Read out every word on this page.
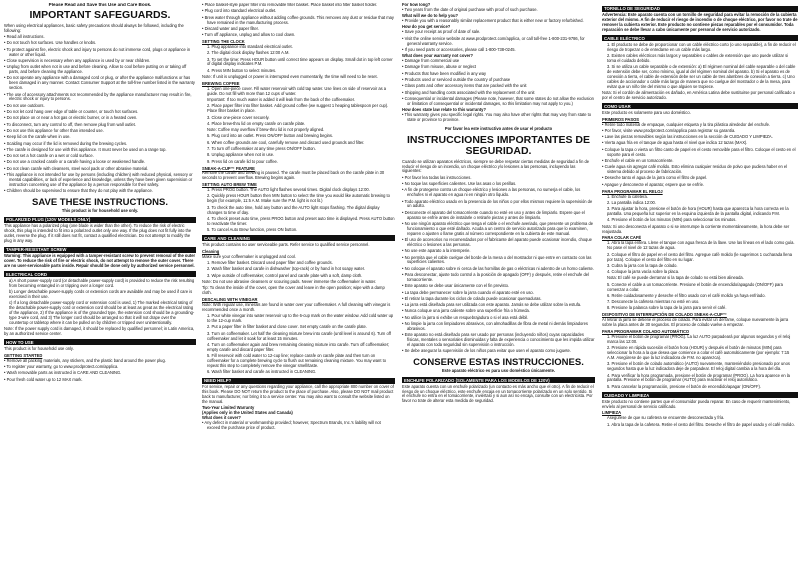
Please Read and Save this Use and Care Book.
IMPORTANT SAFEGUARDS.

When using electrical appliances, basic safety precautions should always be followed, including the following:

• Read all instructions.

• Do not touch hot surfaces. Use handles or knobs.

• To protect against fire, electric shock and injury to persons do not immerse cord, plugs or appliance in water or other liquid.

• Close supervision is necessary when any appliance is used by or near children.

• Unplug from outlet when not in use and before cleaning. Allow to cool before putting on or taking off parts, and before cleaning the appliance.

• Do not operate any appliance with a damaged cord or plug, or after the appliance malfunctions or has been damaged in any manner. Contact Consumer Support at the toll-free number listed in the warranty section.

• The use of accessory attachments not recommended by the appliance manufacturer may result in fire, electric shock or injury to persons.

• Do not use outdoors.

• Do not let cord hang over edge of table or counter, or touch hot surfaces.

• Do not place on or near a hot gas or electric burner, or in a heated oven.

• To disconnect, turn any control to off, then remove plug from wall outlet.

• Do not use this appliance for other than intended use.

• Keep lid on the carafe when in use.

• Scalding may occur if the lid is removed during the brewing cycles.

• The carafe is designed for use with this appliance. It must never be used on a range top.

• Do not set a hot carafe on a wet or cold surface.

• Do not use a cracked carafe or a carafe having a loose or weakened handle.

• Do not clean carafe with cleansers, steel wool pads or other abrasive material.

• This appliance is not intended for use by persons (including children) with reduced physical, sensory or mental capabilities, or lack of experience and knowledge, unless they have been given supervision or instruction concerning use of the appliance by a person responsible for their safety.

• Children should be supervised to ensure that they do not play with the appliance.

SAVE THESE INSTRUCTIONS.
This product is for household use only.
POLARIZED PLUG (120V MODELS ONLY)

This appliance has a polarized plug (one blade is wider than the other). To reduce the risk of electric shock, this plug is intended to fit into a polarized outlet only one way. If the plug does not fit fully into the outlet, reverse the plug. If it still does not fit, contact a qualified electrician. Do not attempt to modify the plug in any way.

TAMPER-RESISTANT SCREW

Warning: This appliance is equipped with a tamper-resistant screw to prevent removal of the outer cover. To reduce the risk of fire or electric shock, do not attempt to remove the outer cover. There are no user-serviceable parts inside. Repair should be done only by authorized service personnel.

ELECTRICAL CORD

a) A short power-supply cord (or detachable power-supply cord) is provided to reduce the risk resulting from becoming entangled in or tripping over a longer cord.

b) Longer detachable power-supply cords or extension cords are available and may be used if care is exercised in their use.

c) If a long detachable power-supply cord or extension cord is used, 1) The marked electrical rating of the detachable power-supply cord or extension cord should be at least as great as the electrical rating of the appliance, 2) If the appliance is of the grounded type, the extension cord should be a grounding-type 3-wire cord, and 3) The longer cord should be arranged so that it will not drape over the countertop or tabletop where it can be pulled on by children or tripped over unintentionally.

Note: If the power supply cord is damaged, it should be replaced by qualified personnel; in Latin America, by an authorized service center.

HOW TO USE

This product is for household use only.

GETTING STARTED

• Remove all packing materials, any stickers, and the plastic band around the power plug.

• To register your warranty, go to www.prodprotect.com/applica.

• Wash removable parts as instructed in CARE AND CLEANING.

• Pour fresh cold water up to 12 MAX mark.

• Place basket-style paper filter into removable filter basket. Place basket into filter basket holder.

• Plug cord into standard electrical outlet.

• Brew water through appliance without adding coffee grounds. This removes any dust or residue that may have remained in the manufacturing process.

• Discard water and paper filter.

• Turn off appliance, unplug and allow to cool down.

SETTING THE CLOCK

1. Plug appliance into standard electrical outlet.

2. The digital clock display flashes 12:00 A.M.

3. To set the time: Press HOUR button until correct time appears on display. Small dot in top left corner of digital display indicates P.M.

4. Press MIN button to select minutes.

Note: If unit is unplugged or power is interrupted even momentarily, the time will need to be reset.

BREWING COFFEE

1. Open one-piece cover. Fill water reservoir with cold tap water. Use lines on side of reservoir as a guide. Do not fill with more than 12 cups of water.

Important: If too much water is added it will leak from the back of the coffeemaker.

2. Place paper filter into filter basket. Add ground coffee (we suggest 1 heaping tablespoon per cup). Place filter basket in place.

3. Close one-piece cover securely.

4. Place brew-thru lid on empty carafe on carafe plate.

Note: Coffee may overflow if brew-thru lid is not properly aligned.

5. Plug cord into an outlet. Press ON/OFF button and brewing begins.

6. When coffee grounds are cool, carefully remove and discard used grounds and filter.

7. To turn off coffeemaker at any time press ON/OFF button.

8. Unplug appliance when not in use.

9. Press lid on carafe lid to pour coffee.

SNEAK-A-CUP™ FEATURE

Remove the carafe and brewing is paused. The carafe must be placed back on the carafe plate in 30 seconds to prevent overflow. Brewing begins again.

SETTING AUTO BREW TIME

1. Press PROG button. The AUTO light flashes several times. Digital clock displays 12:00.

2. Quickly press HOUR button then MIN button to select the time you would like automatic brewing to begin (for example, 11:5 A.M. Make sure the P.M. light is not lit.)

3. To check the auto time, hold any button and the AUTO light stops flashing. The digital display changes to time of day.

4. To check preset auto time, press PROG button and preset auto time is displayed. Press AUTO button to reactivate the timer.

5. To cancel Auto Brew function, press ON button.

CARE AND CLEANING

This product contains no user serviceable parts. Refer service to qualified service personnel.

Cleaning

Make sure your coffeemaker is unplugged and cool.

1. Remove filter basket. Discard used paper filter and coffee grounds.

2. Wash filter basket and carafe in dishwasher (top-rack) or by hand in hot soapy water.

3. Wipe outside of coffeemaker, control panel and carafe plate with a soft, damp cloth.

Note: Do not use abrasive cleansers or scouring pads. Never immerse the coffeemaker in water.

Tip: To clean the inside of the cover, open the cover and leave in the open position; wipe with a damp cloth.

DESCALING WITH VINEGAR

Note: With regular use, minerals are found in water over your coffeemaker. A full cleaning with vinegar is recommended once a month.

1. Pour white vinegar into water reservoir up to the 6-cup mark on the water window. Add cold water up to the 12-cup mark.

2. Put a paper filter in filter basket and close cover. Set empty carafe on the carafe plate.

3. Turn on coffeemaker. Let half the cleaning mixture brew into carafe (until level is around 6). Turn off coffeemaker and let it soak for at least 15 minutes.

4. Turn on coffeemaker again and brew remaining cleaning mixture into carafe. Turn off coffeemaker; empty carafe and discard paper filter.

5. Fill reservoir with cold water to 12-cup line; replace carafe on carafe plate and then turn on coffeemaker for a complete brewing cycle to flush out remaining cleaning mixture. You may want to repeat this step to completely remove the vinegar smell/taste.

6. Wash filter basket and carafe as instructed in CLEANING.

NEED HELP?

For service, repair or any questions regarding your appliance, call the appropriate 800 number on cover of this book. Please DO NOT return the product to the place of purchase. Also, please DO NOT mail product back to manufacturer, nor bring it to a service center. You may also want to consult the website listed on the manual.

Two-Year Limited Warranty
(Applies only in the United States and Canada)
What does it cover?

• Any defect in material or workmanship provided; however, Spectrum Brands, Inc.'s liability will not exceed the purchase price of product.

For how long?

• Two years from the date of original purchase with proof of such purchase.

What will we do to help you?

• Provide you with a reasonably similar replacement product that is either new or factory refurbished.

How do you get service?

• Save your receipt as proof of date of sale.

• Visit the online service website at www.prodprotect.com/applica, or call toll-free 1-800-231-9786, for general warranty service.

• If you need parts or accessories, please call 1-800-738-0245.

What does your warranty not cover?

• Damage from commercial use

• Damage from misuse, abuse or neglect

• Products that have been modified in any way

• Products used or serviced outside the country of purchase

• Glass parts and other accessory items that are packed with the unit

• Shipping and handling costs associated with the replacement of the unit

• Consequential or incidental damages (Please note, however, that some states do not allow the exclusion or limitation of consequential or incidental damages, so this limitation may not apply to you.)

How does state law relate to this warranty?

• This warranty gives you specific legal rights. You may also have other rights that may vary from state to state or province to province.

Por favor lea este instructivo antes de usar el producto
INSTRUCCIONES IMPORTANTES DE SEGURIDAD.

Cuando se utilizan aparatos eléctricos, siempre se debe respetar ciertas medidas de seguridad a fin de reducir el riesgo de un incendio, un choque eléctrico y/o lesiones a las personas, incluyendo las siguientes:

• Por favor lea todas las instrucciones.

• No toque las superficies calientes. Use las asas o los perillas.

• A fin de protegerse contra un choque eléctrico y lesiones a las personas, no sumerja el cable, los enchufes ni el aparato en agua ni en ningún otro líquido.

• Todo aparato eléctrico usado en la presencia de los niños o por ellos mismos requiere la supervisión de un adulto.

• Desconecte el aparato del tomacorriente cuando no esté en uso y antes de limpiarlo. Espere que el aparato se enfríe antes de instalarle o retirarle piezas y antes de limpiarlo.

• No use ningún aparato eléctrico que tenga el cable o el enchufe averiado, que presente un problema de funcionamiento o que esté dañado. Acuda a un centro de servicio autorizado para que lo examinen, reparen o ajusten o llame gratis al número correspondiente en la cubierta de este manual.

• El uso de accesorios no recomendados por el fabricante del aparato puede ocasionar incendio, choque eléctrico o lesiones a las personas.

• No use este aparato a la intemperie.

• No permita que el cable cuelgue del borde de la mesa o del mostrador ni que entre en contacto con las superficies calientes.

• No coloque el aparato sobre ni cerca de las hornillas de gas o eléctricas ni adentro de un horno caliente.

• Para desconectar, ajuste todo control a la posición de apagado (OFF) y después, retire el enchufe del tomacorriente.

• Este aparato se debe usar únicamente con el fin previsto.

• La tapa debe permanecer sobre la jarra cuando el aparato esté en uso.

• El retirar la tapa durante los ciclos de colado puede ocasionar quemaduras.

• La jarra está diseñada para ser utilizada con este aparato. Jamás se debe utilizar sobre la estufa.

• Nunca coloque una jarra caliente sobre una superficie fría o húmeda.

• No utilice la jarra si exhibe un resquebrajadura o si el asa está débil.

• No limpie la jarra con limpiadores abrasivos, con almohadillas de fibra de metal ni demás limpiadores abrasivos.

• Este aparato no está diseñado para ser usado por personas (incluyendo niños) cuyas capacidades físicas, mentales o sensoriales disminuidas y falta de experiencia o conocimiento que les impida utilizar el aparato con toda seguridad sin supervisión o instrucción.

• Se debe asegurar la supervisión de los niños para evitar que usen el aparato como juguete.

CONSERVE ESTAS INSTRUCCIONES.
Este aparato eléctrico es para uso doméstico únicamente.
ENCHUFE POLARIZADO (SOLAMENTE PARA LOS MODELOS DE 120V)

Este aparato cuenta con un enchufe polarizado (un contacto es más ancho que el otro). A fin de reducir el riesgo de un choque eléctrico, este enchufe encaja en un tomacorriente polarizado en un solo sentido. Si el enchufe no entra en el tomacorriente, inviértalo y si aun así no encaja, consulte con un electricista. Por favor no trate de alterar esta medida de seguridad.

TORNILLO DE SEGURIDAD

Advertencia: Este aparato cuenta con un tornillo de seguridad para evitar la remoción de la cubierta exterior del mismo. A fin de reducir el riesgo de incendio o de choque eléctrico, por favor no trate de remover la cubierta exterior. Este producto no contiene piezas reparables por el consumidor. Toda reparación se debe llevar a cabo únicamente por personal de servicio autorizado.

CABLE ELÉCTRICO

1. El producto se debe de proporcionar con un cable eléctrico corto (o uno separable), a fin de reducir el riesgo de tropezar o de enredarse en un cable más largo.

2. Existen cables eléctricos más largos y separables o cables de extensión que uno puede utilizar si toma el cuidado debido.

3. Si se utiliza un cable separable o de extensión: a) El régimen nominal del cable separable o del cable de extensión debe ser, como mínimo, igual al del régimen nominal del aparato. b) Si el aparato es de conexión a tierra, el cable de extensión debe ser un cable de tres alambres de conexión a tierra. c) Uno cables de accionador o cable más largo de manera que no cuelgue del mostrador o de la mesa, para evitar que un niño tire del mismo o que alguien se tropiece.

Nota: Si el cordón de alimentación es dañado, en América Latina debe sustituirse por personal calificado o por el centro de servicio autorizado.

COMO USAR

Este producto es solamente para uso doméstico.

PRIMEROS PASOS

• Retire todo material de empaque, cualquier etiqueta y la tira plástica alrededor del enchufe.

• Por favor, visite www.prodprotect.com/applica para registrar su garantía.

• Lave las piezas removibles según las instrucciones en la sección de CUIDADO Y LIMPIEZA.

• Vierta agua fría en el tanque de agua hasta el nivel que indica 12 tazas (MAX).

• Coloque la tapa o vierta un filtro canto de papel en el cesto removible para el filtro. Coloque el cesto en el soporte para el cesto.

• Enchufe el cable en un tomacorriente.

• Cuele agua sin agregar café molido. Esto elimina cualquier residuo de polvo que pudiera haber en el sistema debido al proceso de fabricación.

• Deseche tanto el agua de la jarra como el filtro de papel.

• Apague y desconecte el aparato; espere que se enfríe.

PARA PROGRAMAR EL RELOJ

1. Enchufe la cafetera.

2. La pantalla indica 12:00.

3. Para ajustar la hora, presione el botón de hora (HOUR) hasta que aparezca la hora correcta en la pantalla. Una pequeña luz superior en la esquina izquierda de la pantalla digital, indicando P.M.

4. Presione el botón de los minutos (MIN) para seleccionar los minutos.

Nota: Si uno desconecta el aparato o si se interrumpe la corriente momentáneamente, la hora debe ser reajustada.

PARA COLAR CAFÉ

1. Abra la tapa entera. Llene el tanque con agua fresca de la llave. Use las líneas en el lado como guía. No pase el nivel de 12 tazas de agua.

2. Coloque el filtro de papel en el cesto del filtro. Agregue café molido (le sugerimos 1 cucharada llena por taza). Coloque el cesto del filtro en su lugar.

3. Cubra la jarra con la tapa de colado.

4. Coloque la jarra vacía sobre la placa.

Nota: El café se puede derramar si la tapa de colado no está bien alineada.

5. Conecte el cable a un tomacorriente. Presione el botón de encendido/apagado (ON/OFF) para comenzar a colar.

6. Retire cuidadosamente y deseche el filtro usado con el café molido ya haya enfriado.

7. Desconecte la cafetera mientras no esté en uso.

8. Presione la palanca sobre la tapa de la jarra para servir el café.

DISPOSITIVO DE INTERRUPCIÓN DE COLADO SNEAK-A-CUP™

Al retirar la jarra se detiene el proceso de colado. Para evitar un derrame, coloque nuevamente la jarra sobre la placa antes de 30 segundos. El proceso de colado vuelve a empezar.

PARA PROGRAMAR COLADO AUTOMÁTICO

1. Presione el botón de programar (PROG). La luz AUTO parpadeará por algunos segundos y el reloj marca las 12:00.

2. Presione en rápida sucesión el botón hora (HOUR) y después el botón de minutos (MIN) para seleccionar la hora a la que desea que comience a colar el café automáticamente (por ejemplo: 7:15 A.M. Asegúrese de que la luz indicadora de P.M. no aparezca).

3. Presione el botón de colado automático (AUTO) nuevamente, manteniéndolo presionado por unos segundos hasta que la luz indicadora deje de parpadear. El reloj digital cambia a la hora del día.

4. Para verificar la hora programada, presione el botón de programar (PROG). La hora aparece en la pantalla. Presione el botón de programar (AUTO) para reactivar el reloj automático.

5. Para cancelar la programación, presione el botón de encendido/apagar (ON/OFF).

CUIDADO Y LIMPIEZA

Este producto no contiene partes que el consumidor pueda reparar. En caso de requerir mantenimiento, envíelo al personal de servicio calificado.

LIMPIEZA

Asegúrese de que su cafetera se encuentre desconectada y fría.

1. Abra la tapa de la cafetera. Retire el cesto del filtro. Deseche el filtro de papel usado y el café molido.
